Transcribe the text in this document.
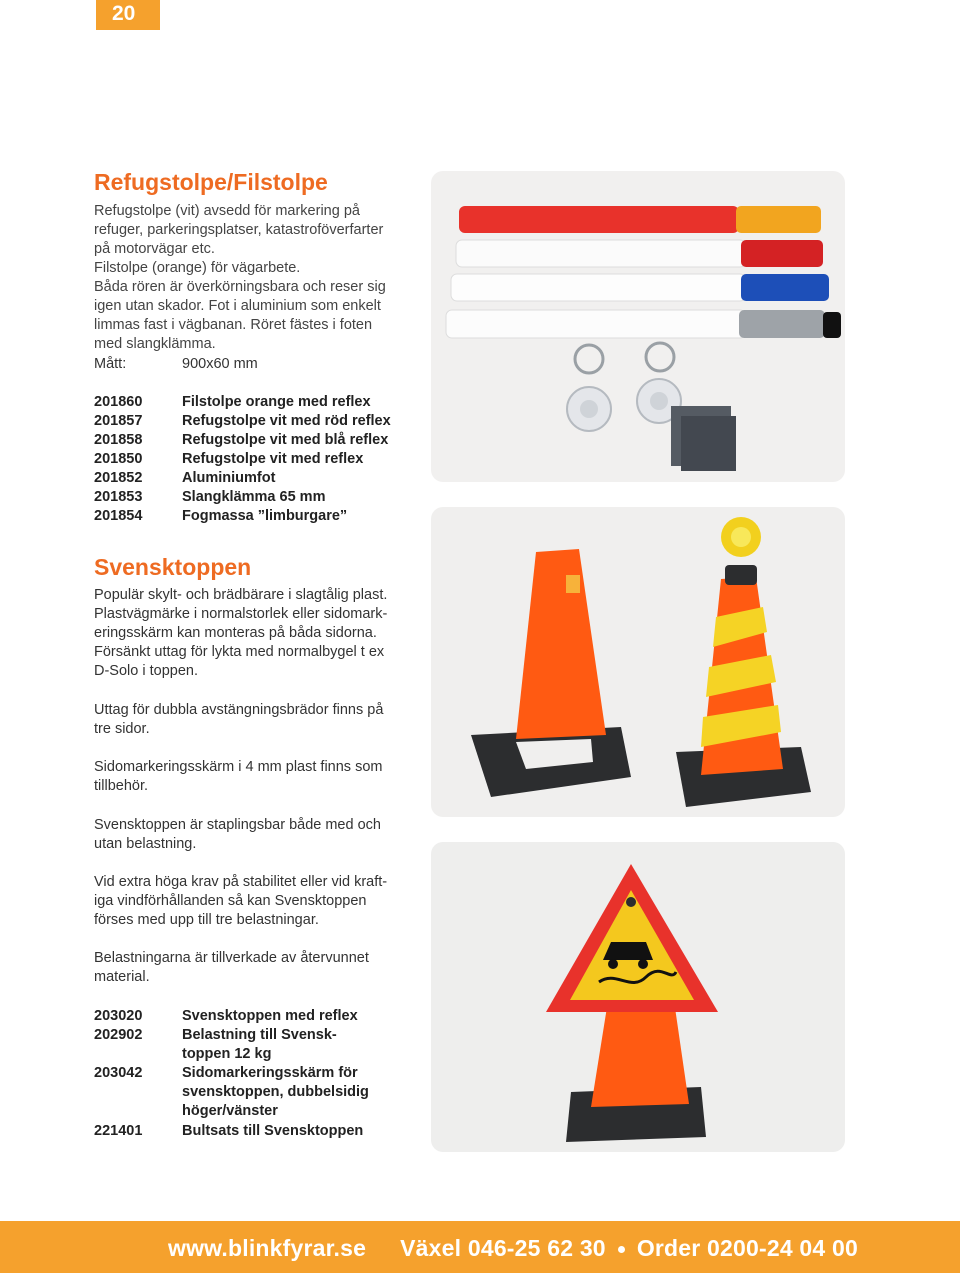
20
Refugstolpe/Filstolpe
Refugstolpe (vit) avsedd för markering på
refuger, parkeringsplatser, katastroföverfarter
på motorvägar etc.
Filstolpe (orange) för vägarbete.
Båda rören är överkörningsbara och reser sig
igen utan skador. Fot i aluminium som enkelt
limmas fast i vägbanan. Röret fästes i foten
med slangklämma.
Mått:	900x60 mm
201860	Filstolpe orange med reflex
201857	Refugstolpe vit med röd reflex
201858	Refugstolpe vit med blå reflex
201850	Refugstolpe vit med reflex
201852	Aluminiumfot
201853	Slangklämma 65 mm
201854	Fogmassa ”limburgare”
Svensktoppen
Populär skylt- och brädbärare i slagtålig plast.
Plastvägmärke i normalstorlek eller sidomark-
eringsskärm kan monteras på båda sidorna.
Försänkt uttag för lykta med normalbygel t ex
D-Solo i toppen.
Uttag för dubbla avstängningsbrädor finns på
tre sidor.
Sidomarkeringsskärm i 4 mm plast finns som
tillbehör.
Svensktoppen är staplingsbar både med och
utan belastning.
Vid extra höga krav på stabilitet eller vid kraft-
iga vindförhållanden så kan Svensktoppen
förses med upp till tre belastningar.
Belastningarna är tillverkade av återvunnet
material.
203020	Svensktoppen med reflex
202902	Belastning till Svensk-
toppen 12 kg
203042	Sidomarkeringsskärm för
svensktoppen, dubbelsidig
höger/vänster
221401	Bultsats till Svensktoppen
www.blinkfyrar.se Växel 046-25 62 30 Order 0200-24 04 00
